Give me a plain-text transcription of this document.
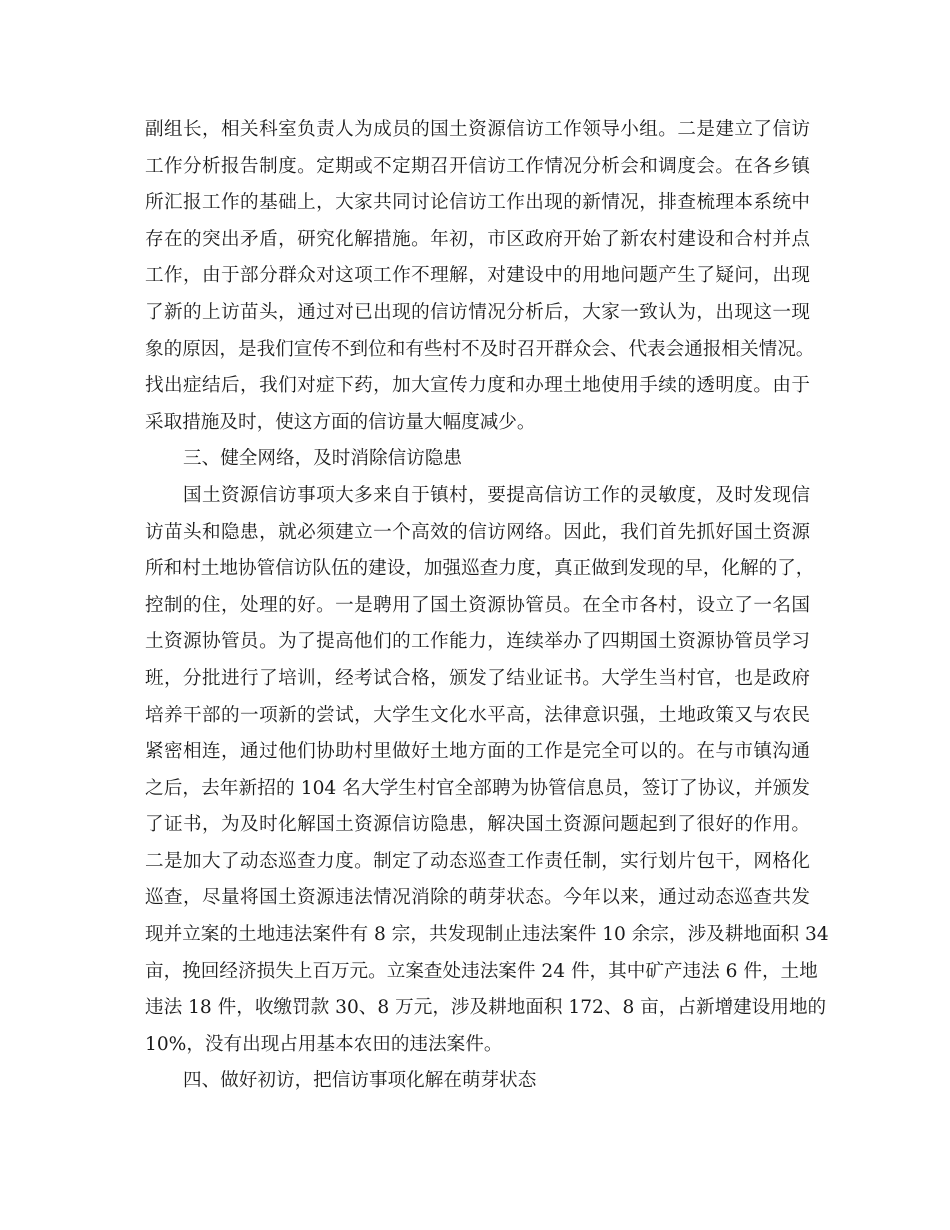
副组长，相关科室负责人为成员的国土资源信访工作领导小组。二是建立了信访
工作分析报告制度。定期或不定期召开信访工作情况分析会和调度会。在各乡镇
所汇报工作的基础上，大家共同讨论信访工作出现的新情况，排查梳理本系统中
存在的突出矛盾，研究化解措施。年初，市区政府开始了新农村建设和合村并点
工作，由于部分群众对这项工作不理解，对建设中的用地问题产生了疑问，出现
了新的上访苗头，通过对已出现的信访情况分析后，大家一致认为，出现这一现
象的原因，是我们宣传不到位和有些村不及时召开群众会、代表会通报相关情况。
找出症结后，我们对症下药，加大宣传力度和办理土地使用手续的透明度。由于
采取措施及时，使这方面的信访量大幅度减少。
三、健全网络，及时消除信访隐患
国土资源信访事项大多来自于镇村，要提高信访工作的灵敏度，及时发现信
访苗头和隐患，就必须建立一个高效的信访网络。因此，我们首先抓好国土资源
所和村土地协管信访队伍的建设，加强巡查力度，真正做到发现的早，化解的了，
控制的住，处理的好。一是聘用了国土资源协管员。在全市各村，设立了一名国
土资源协管员。为了提高他们的工作能力，连续举办了四期国土资源协管员学习
班，分批进行了培训，经考试合格，颁发了结业证书。大学生当村官，也是政府
培养干部的一项新的尝试，大学生文化水平高，法律意识强，土地政策又与农民
紧密相连，通过他们协助村里做好土地方面的工作是完全可以的。在与市镇沟通
之后，去年新招的 104 名大学生村官全部聘为协管信息员，签订了协议，并颁发
了证书，为及时化解国土资源信访隐患，解决国土资源问题起到了很好的作用。
二是加大了动态巡查力度。制定了动态巡查工作责任制，实行划片包干，网格化
巡查，尽量将国土资源违法情况消除的萌芽状态。今年以来，通过动态巡查共发
现并立案的土地违法案件有 8 宗，共发现制止违法案件 10 余宗，涉及耕地面积 34
亩，挽回经济损失上百万元。立案查处违法案件 24 件，其中矿产违法 6 件，土地
违法 18 件，收缴罚款 30、8 万元，涉及耕地面积 172、8 亩，占新增建设用地的
10%，没有出现占用基本农田的违法案件。
四、做好初访，把信访事项化解在萌芽状态
